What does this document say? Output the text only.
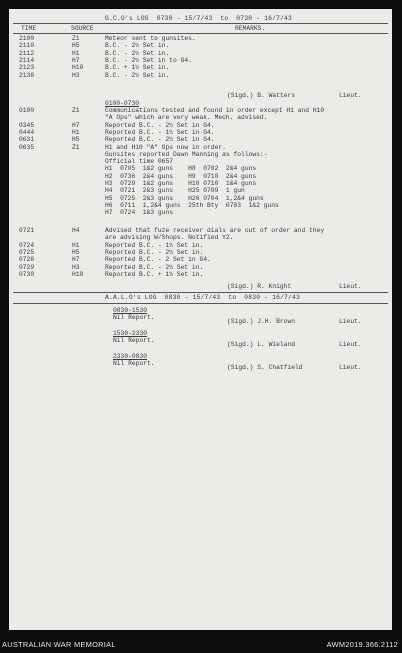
G.C.O's LOG  0730 - 15/7/43  to  0730 - 16/7/43
TIME	SOURCE	REMARKS.
2100	Z1	Meteor sent to gunsites.
2110	H5	B.C. - 2½ Set in.
2112	H1	B.C. - 2½ Set in.
2114	H7	B.C. - 2½ Set in to G4.
2123	H10	B.C. + 1½ Set in.
2138	H3	B.C. - 2½ Set in.
(Sigd.) B. Watters	Lieut.
0100-0730
0100	Z1	Communications tested and found in order except H1 and H10
"A Ops" which are very weak. Mech. advised.
0345	H7	Reported B.C. - 2½ Set in G4.
0444	H1	Reported B.C. - 1½ Set in G4.
0631	H5	Reported B.C. - 2½ Set in G4.
0635	Z1	H1 and H10 "A" Ops now in order.
Gunsites reported Dawn Manning as follows:-
Official time 0657
H1  0705  1&2 guns    H8  0702  2&4 guns
H2  0736  2&4 guns    H9  0710  2&4 guns
H3  0729  1&2 guns    H10 0710  1&4 guns
H4  0721  2&3 guns    H25 0709  1 gun
H5  0725  2&3 guns    H26 0704  1,2&4 guns
H6  0711  1,2&4 guns  25th Bty  0703  1&2 guns
H7  0724  1&3 guns
0721	H4	Advised that fuze receiver dials are out of order and they
are advising W/Shops. Notified Y2.
0724	H1	Reported B.C. - 1½ Set in.
0725	H5	Reported B.C. - 2½ Set in.
0728	H7	Reported B.C. - 2 Set in G4.
0729	H3	Reported B.C. - 2½ Set in.
0730	H10	Reported B.C. + 1½ Set in.
(Sigd.) R. Knight	Lieut.
A.A.L.O's LOG  0830 - 15/7/43  to  0830 - 16/7/43
0830-1530
Nil Report.
(Sigd.) J.H. Brown	Lieut.
1530-2330
Nil Report.
(Sigd.) L. Wieland	Lieut.
2330-0830
Nil Report.
(Sigd.) S. Chatfield	Lieut.
AUSTRALIAN WAR MEMORIAL	AWM2019.366.2112
